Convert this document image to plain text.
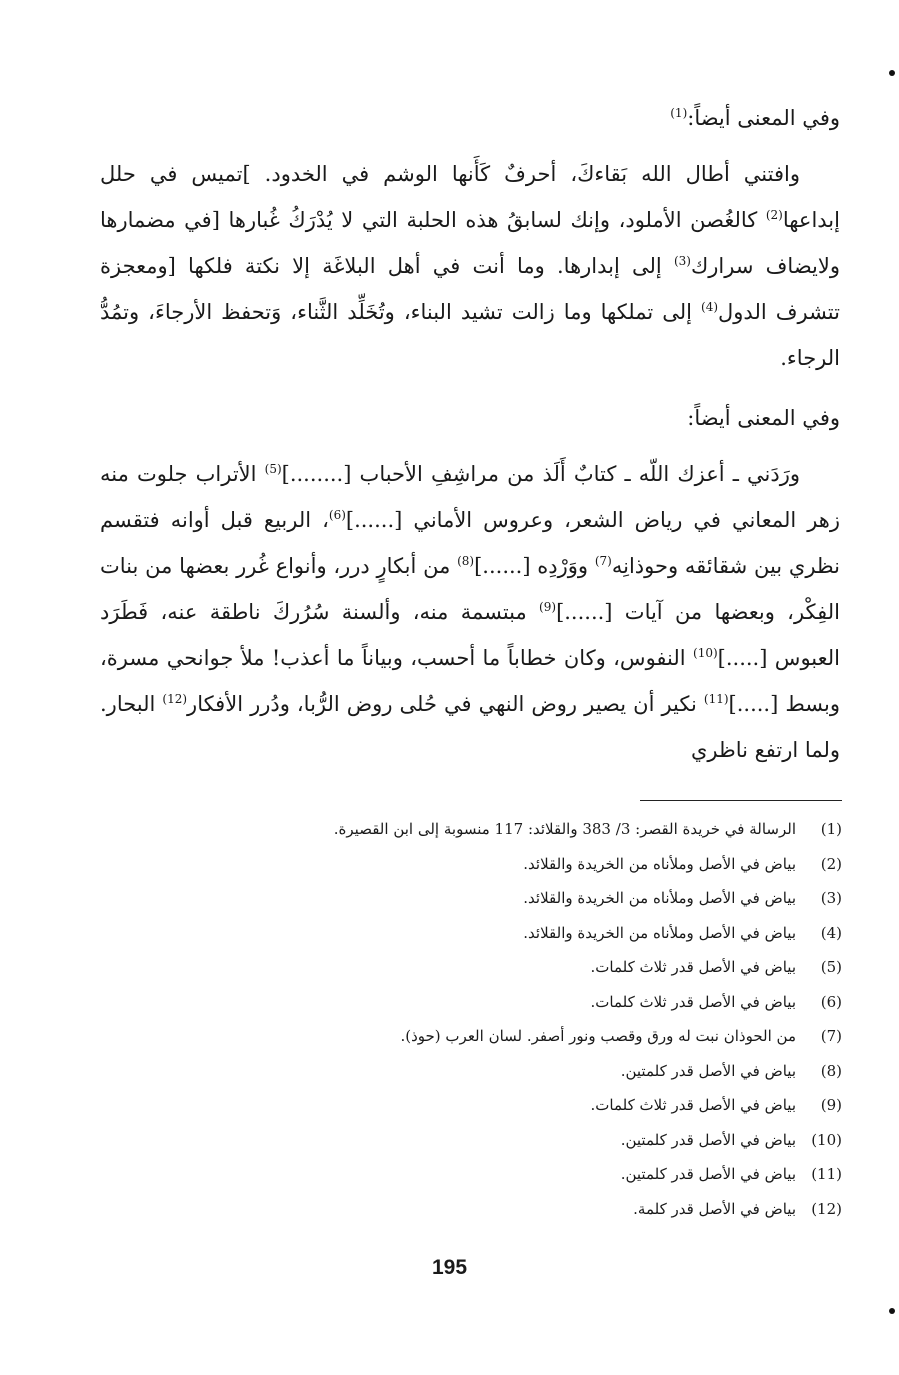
وفي المعنى أيضاً:$^{(1)}$

وافتني أطال الله بَقاءكَ، أحرفٌ كَأَنها الوشم في الخدود. ]تميس في حلل إبداعها$^{(2)}$ كالغُصن الأملود، وإنك لسابقُ هذه الحلبة التي لا يُدْرَكُ غُبارها [في مضمارها ولايضاف سرارك$^{(3)}$ إلى إبدارها. وما أنت في أهل البلاغَة إلا نكتة فلكها [ومعجزة تتشرف الدول$^{(4)}$ إلى تملكها وما زالت تشيد البناء، وتُخَلِّد الثَّناء، وَتحفظ الأرجاءَ، وتمُدُّ الرجاء.

وفي المعنى أيضاً:

ورَدَني ـ أعزك اللّه ـ كتابٌ أَلَذ من مراشِفِ الأحباب [........]$^{(5)}$ الأتراب جلوت منه زهر المعاني في رياض الشعر، وعروس الأماني [......]$^{(6)}$، الربيع قبل أوانه فتقسم نظري بين شقائقه وحوذانِه$^{(7)}$ ووَرْدِه [......]$^{(8)}$ من أبكارٍ درر، وأنواع غُرر بعضها من بنات الفِكْر، وبعضها من آيات [......]$^{(9)}$ مبتسمة منه، وألسنة سُرُركَ ناطقة عنه، فَطَرَد العبوس [.....]$^{(10)}$ النفوس، وكان خطاباً ما أحسب، وبياناً ما أعذب! ملأ جوانحي مسرة، وبسط [.....]$^{(11)}$ نكير أن يصير روض النهي في حُلى روض الرُّبا، ودُرر الأفكار$^{(12)}$ البحار. ولما ارتفع ناظري

(1)الرسالة في خريدة القصر: 3/ 383 والقلائد: 117 منسوبة إلى ابن القصيرة.
(2)بياض في الأصل وملأناه من الخريدة والقلائد.
(3)بياض في الأصل وملأناه من الخريدة والقلائد.
(4)بياض في الأصل وملأناه من الخريدة والقلائد.
(5)بياض في الأصل قدر ثلاث كلمات.
(6)بياض في الأصل قدر ثلاث كلمات.
(7)من الحوذان نبت له ورق وقصب ونور أصفر. لسان العرب (حوذ).
(8)بياض في الأصل قدر كلمتين.
(9)بياض في الأصل قدر ثلاث كلمات.
(10)بياض في الأصل قدر كلمتين.
(11)بياض في الأصل قدر كلمتين.
(12)بياض في الأصل قدر كلمة.
195
